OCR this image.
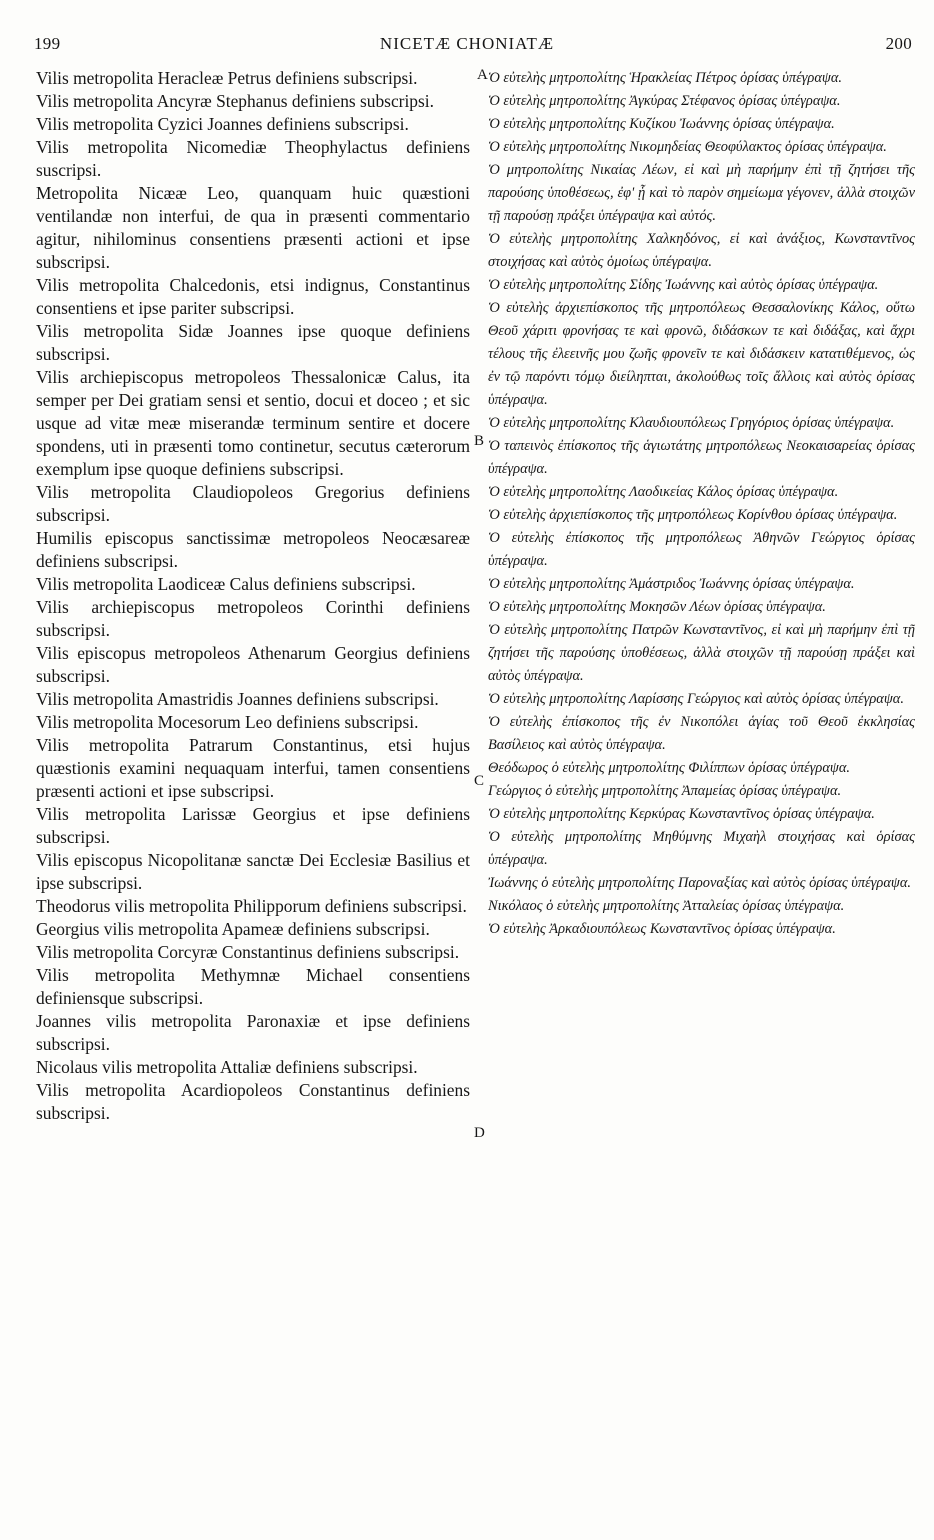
199	NICETÆ CHONIATÆ	200

Vilis metropolita Heracleæ Petrus definiens subscripsi.

Vilis metropolita Ancyræ Stephanus definiens subscripsi.

Vilis metropolita Cyzici Joannes definiens subscripsi.

Vilis metropolita Nicomediæ Theophylactus definiens suscripsi.

Metropolita Nicææ Leo, quanquam huic quæstioni ventilandæ non interfui, de qua in præsenti commentario agitur, nihilominus consentiens præsenti actioni et ipse subscripsi.

Vilis metropolita Chalcedonis, etsi indignus, Constantinus consentiens et ipse pariter subscripsi.

Vilis metropolita Sidæ Joannes ipse quoque definiens subscripsi.

Vilis archiepiscopus metropoleos Thessalonicæ Calus, ita semper per Dei gratiam sensi et sentio, docui et doceo ; et sic usque ad vitæ meæ miserandæ terminum sentire et docere spondens, uti in præsenti tomo continetur, secutus cæterorum exemplum ipse quoque definiens subscripsi.

Vilis metropolita Claudiopoleos Gregorius definiens subscripsi.

Humilis episcopus sanctissimæ metropoleos Neocæsareæ definiens subscripsi.

Vilis metropolita Laodiceæ Calus definiens subscripsi.

Vilis archiepiscopus metropoleos Corinthi definiens subscripsi.

Vilis episcopus metropoleos Athenarum Georgius definiens subscripsi.

Vilis metropolita Amastridis Joannes definiens subscripsi.

Vilis metropolita Mocesorum Leo definiens subscripsi.

Vilis metropolita Patrarum Constantinus, etsi hujus quæstionis examini nequaquam interfui, tamen consentiens præsenti actioni et ipse subscripsi.

Vilis metropolita Larissæ Georgius et ipse definiens subscripsi.

Vilis episcopus Nicopolitanæ sanctæ Dei Ecclesiæ Basilius et ipse subscripsi.

Theodorus vilis metropolita Philipporum definiens subscripsi.

Georgius vilis metropolita Apameæ definiens subscripsi.

Vilis metropolita Corcyræ Constantinus definiens subscripsi.

Vilis metropolita Methymnæ Michael consentiens definiensque subscripsi.

Joannes vilis metropolita Paronaxiæ et ipse definiens subscripsi.

Nicolaus vilis metropolita Attaliæ definiens subscripsi.

Vilis metropolita Acardiopoleos Constantinus definiens subscripsi.

A
B
C
D

Ὁ εὐτελὴς μητροπολίτης Ἡρακλείας Πέτρος ὁρίσας ὑπέγραψα.

Ὁ εὐτελὴς μητροπολίτης Ἀγκύρας Στέφανος ὁρίσας ὑπέγραψα.

Ὁ εὐτελὴς μητροπολίτης Κυζίκου Ἰωάννης ὁρίσας ὑπέγραψα.

Ὁ εὐτελὴς μητροπολίτης Νικομηδείας Θεοφύλακτος ὁρίσας ὑπέγραψα.

Ὁ μητροπολίτης Νικαίας Λέων, εἰ καὶ μὴ παρήμην ἐπὶ τῇ ζητήσει τῆς παρούσης ὑποθέσεως, ἐφ' ᾗ καὶ τὸ παρὸν σημείωμα γέγονεν, ἀλλὰ στοιχῶν τῇ παρούσῃ πράξει ὑπέγραψα καὶ αὐτός.

Ὁ εὐτελὴς μητροπολίτης Χαλκηδόνος, εἰ καὶ ἀνάξιος, Κωνσταντῖνος στοιχήσας καὶ αὐτὸς ὁμοίως ὑπέγραψα.

Ὁ εὐτελὴς μητροπολίτης Σίδης Ἰωάννης καὶ αὐτὸς ὁρίσας ὑπέγραψα.

Ὁ εὐτελὴς ἀρχιεπίσκοπος τῆς μητροπόλεως Θεσσαλονίκης Κάλος, οὕτω Θεοῦ χάριτι φρονήσας τε καὶ φρονῶ, διδάσκων τε καὶ διδάξας, καὶ ἄχρι τέλους τῆς ἐλεεινῆς μου ζωῆς φρονεῖν τε καὶ διδάσκειν κατατιθέμενος, ὡς ἐν τῷ παρόντι τόμῳ διείληπται, ἀκολούθως τοῖς ἄλλοις καὶ αὐτὸς ὁρίσας ὑπέγραψα.

Ὁ εὐτελὴς μητροπολίτης Κλαυδιουπόλεως Γρηγόριος ὁρίσας ὑπέγραψα.

Ὁ ταπεινὸς ἐπίσκοπος τῆς ἁγιωτάτης μητροπόλεως Νεοκαισαρείας ὁρίσας ὑπέγραψα.

Ὁ εὐτελὴς μητροπολίτης Λαοδικείας Κάλος ὁρίσας ὑπέγραψα.

Ὁ εὐτελὴς ἀρχιεπίσκοπος τῆς μητροπόλεως Κορίνθου ὁρίσας ὑπέγραψα.

Ὁ εὐτελὴς ἐπίσκοπος τῆς μητροπόλεως Ἀθηνῶν Γεώργιος ὁρίσας ὑπέγραψα.

Ὁ εὐτελὴς μητροπολίτης Ἀμάστριδος Ἰωάννης ὁρίσας ὑπέγραψα.

Ὁ εὐτελὴς μητροπολίτης Μοκησῶν Λέων ὁρίσας ὑπέγραψα.

Ὁ εὐτελὴς μητροπολίτης Πατρῶν Κωνσταντῖνος, εἰ καὶ μὴ παρήμην ἐπὶ τῇ ζητήσει τῆς παρούσης ὑποθέσεως, ἀλλὰ στοιχῶν τῇ παρούσῃ πράξει καὶ αὐτὸς ὑπέγραψα.

Ὁ εὐτελὴς μητροπολίτης Λαρίσσης Γεώργιος καὶ αὐτὸς ὁρίσας ὑπέγραψα.

Ὁ εὐτελὴς ἐπίσκοπος τῆς ἐν Νικοπόλει ἁγίας τοῦ Θεοῦ ἐκκλησίας Βασίλειος καὶ αὐτὸς ὑπέγραψα.

Θεόδωρος ὁ εὐτελὴς μητροπολίτης Φιλίππων ὁρίσας ὑπέγραψα.

Γεώργιος ὁ εὐτελὴς μητροπολίτης Ἀπαμείας ὁρίσας ὑπέγραψα.

Ὁ εὐτελὴς μητροπολίτης Κερκύρας Κωνσταντῖνος ὁρίσας ὑπέγραψα.

Ὁ εὐτελὴς μητροπολίτης Μηθύμνης Μιχαὴλ στοιχήσας καὶ ὁρίσας ὑπέγραψα.

Ἰωάννης ὁ εὐτελὴς μητροπολίτης Παροναξίας καὶ αὐτὸς ὁρίσας ὑπέγραψα.

Νικόλαος ὁ εὐτελὴς μητροπολίτης Ἀτταλείας ὁρίσας ὑπέγραψα.

Ὁ εὐτελὴς Ἀρκαδιουπόλεως Κωνσταντῖνος ὁρίσας ὑπέγραψα.
